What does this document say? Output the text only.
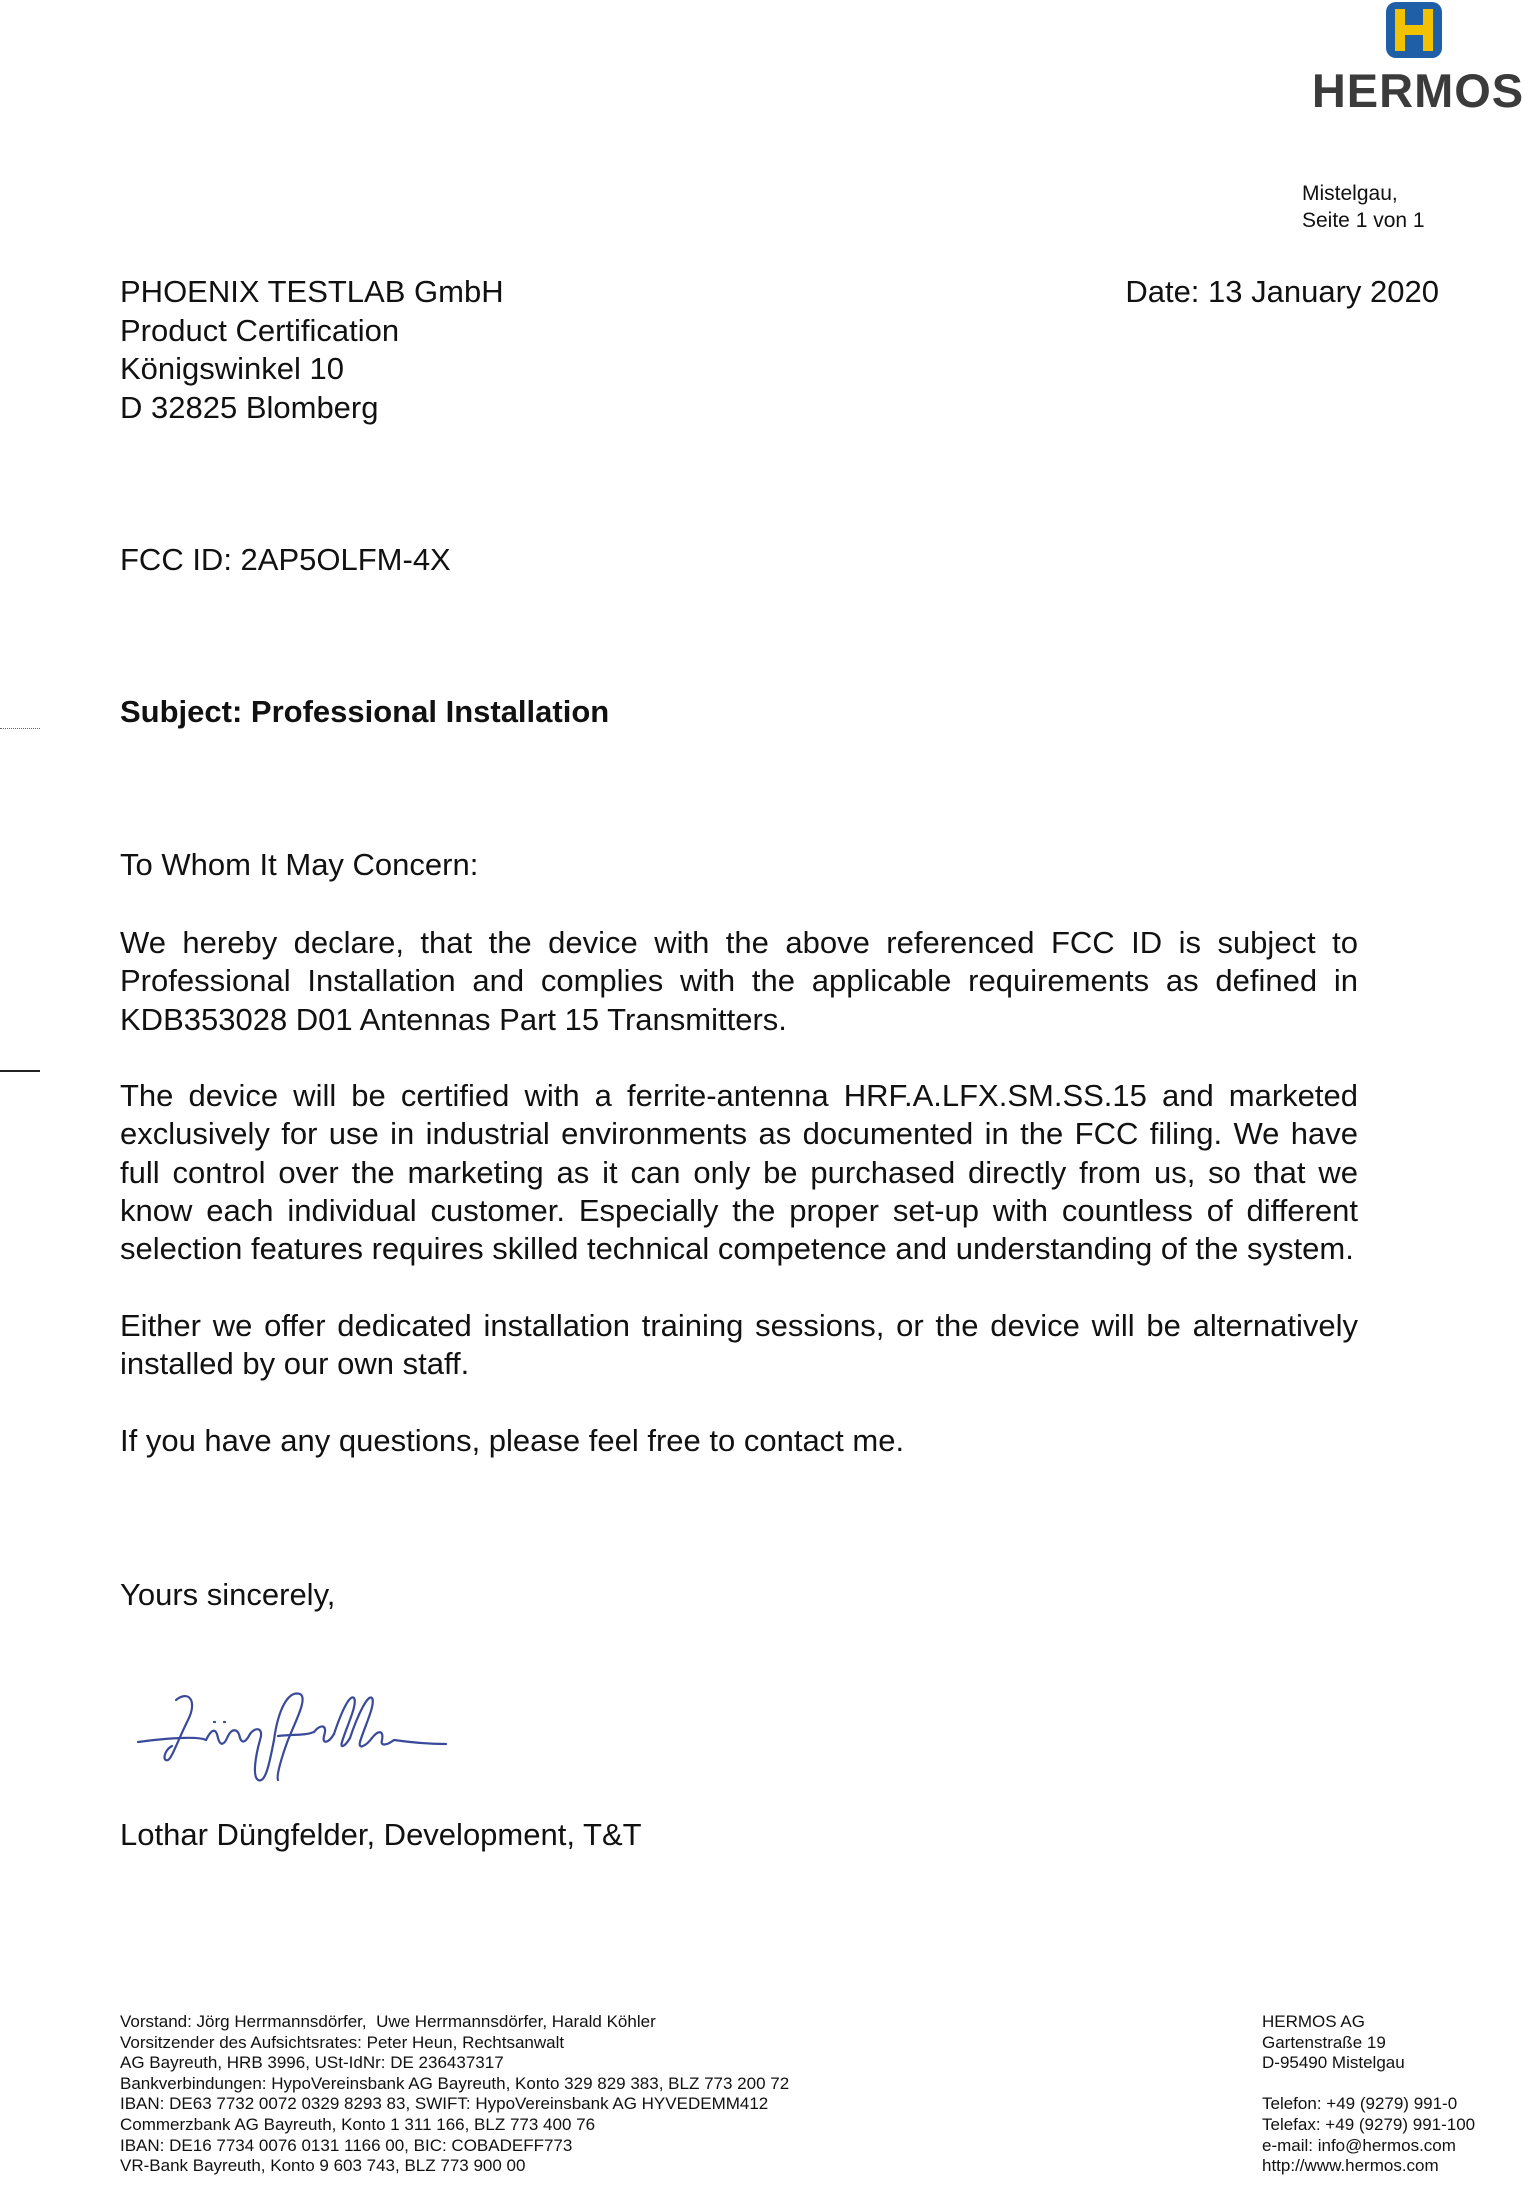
HERMOS
Mistelgau,
Seite 1 von 1
PHOENIX TESTLAB GmbH
Product Certification
Königswinkel 10
D 32825 Blomberg
Date: 13 January 2020
FCC ID: 2AP5OLFM-4X
Subject: Professional Installation
To Whom It May Concern:
We hereby declare, that the device with the above referenced FCC ID is subject to Professional Installation and complies with the applicable requirements as defined in KDB353028 D01 Antennas Part 15 Transmitters.
The device will be certified with a ferrite-antenna HRF.A.LFX.SM.SS.15 and marketed exclusively for use in industrial environments as documented in the FCC filing. We have full control over the marketing as it can only be purchased directly from us, so that we know each individual customer. Especially the proper set-up with countless of different selection features requires skilled technical competence and understanding of the system.
Either we offer dedicated installation training sessions, or the device will be alternatively installed by our own staff.
If you have any questions, please feel free to contact me.
Yours sincerely,
Lothar Düngfelder, Development, T&T
Vorstand: Jörg Herrmannsdörfer,  Uwe Herrmannsdörfer, Harald Köhler
Vorsitzender des Aufsichtsrates: Peter Heun, Rechtsanwalt
AG Bayreuth, HRB 3996, USt-IdNr: DE 236437317
Bankverbindungen: HypoVereinsbank AG Bayreuth, Konto 329 829 383, BLZ 773 200 72
IBAN: DE63 7732 0072 0329 8293 83, SWIFT: HypoVereinsbank AG HYVEDEMM412
Commerzbank AG Bayreuth, Konto 1 311 166, BLZ 773 400 76
IBAN: DE16 7734 0076 0131 1166 00, BIC: COBADEFF773
VR-Bank Bayreuth, Konto 9 603 743, BLZ 773 900 00
HERMOS AG
Gartenstraße 19
D-95490 Mistelgau
Telefon: +49 (9279) 991-0
Telefax: +49 (9279) 991-100
e-mail: info@hermos.com
http://www.hermos.com
